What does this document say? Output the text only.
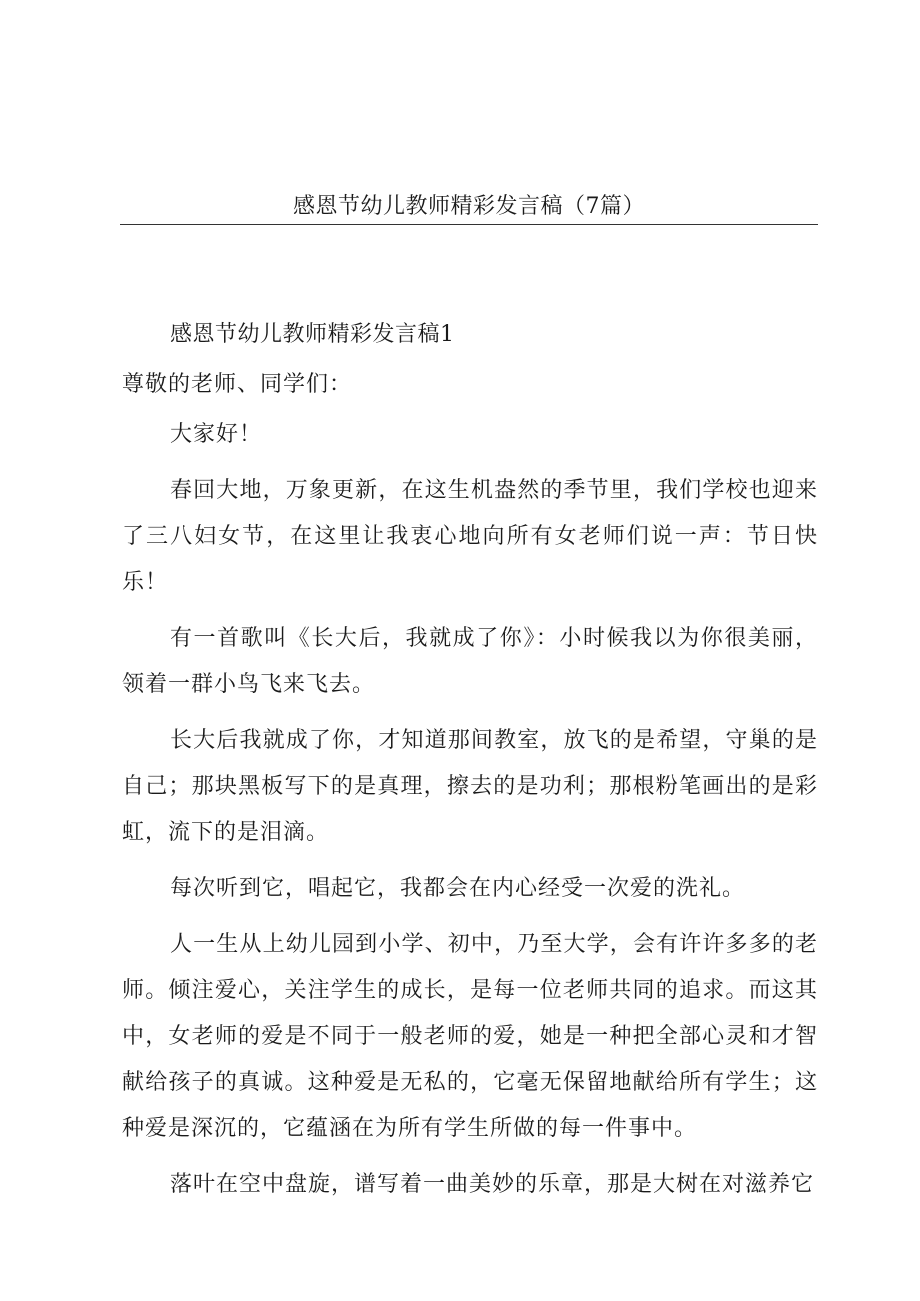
感恩节幼儿教师精彩发言稿（7篇）

感恩节幼儿教师精彩发言稿1

尊敬的老师、同学们：

大家好！

春回大地，万象更新，在这生机盎然的季节里，我们学校也迎来了三八妇女节，在这里让我衷心地向所有女老师们说一声：节日快乐！

有一首歌叫《长大后，我就成了你》：小时候我以为你很美丽，领着一群小鸟飞来飞去。

长大后我就成了你，才知道那间教室，放飞的是希望，守巢的是自己；那块黑板写下的是真理，擦去的是功利；那根粉笔画出的是彩虹，流下的是泪滴。

每次听到它，唱起它，我都会在内心经受一次爱的洗礼。

人一生从上幼儿园到小学、初中，乃至大学，会有许许多多的老师。倾注爱心，关注学生的成长，是每一位老师共同的追求。而这其中，女老师的爱是不同于一般老师的爱，她是一种把全部心灵和才智献给孩子的真诚。这种爱是无私的，它毫无保留地献给所有学生；这种爱是深沉的，它蕴涵在为所有学生所做的每一件事中。

落叶在空中盘旋，谱写着一曲美妙的乐章，那是大树在对滋养它
